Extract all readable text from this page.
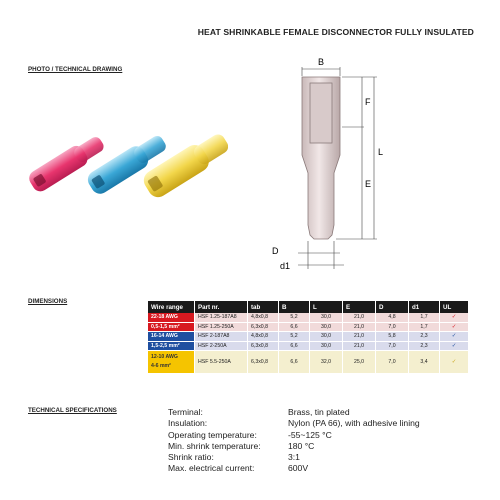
HEAT SHRINKABLE FEMALE DISCONNECTOR FULLY INSULATED
PHOTO / TECHNICAL DRAWING
DIMENSIONS
TECHNICAL SPECIFICATIONS
B
F
L
E
D
d1
Wire range	Part nr.	tab	B	L	E	D	d1	UL
22-18 AWG	HSF 1.25-187A8	4,8x0,8	5,2	30,0	21,0	4,8	1,7	✓
0,5-1,5 mm²	HSF 1.25-250A	6,3x0,8	6,6	30,0	21,0	7,0	1,7	✓
16-14 AWG	HSF 2-187A8	4,8x0,8	5,2	30,0	21,0	5,8	2,3	✓
1,5-2,5 mm²	HSF 2-250A	6,3x0,8	6,6	30,0	21,0	7,0	2,3	✓

12-10 AWG
4-6 mm²	HSF 5.5-250A	6,3x0,8	6,6	32,0	25,0	7,0	3,4	✓
Terminal:	Brass, tin plated
Insulation:	Nylon (PA 66), with adhesive lining
Operating temperature:	-55~125 °C
Min. shrink temperature:	180 °C
Shrink ratio:	3:1
Max. electrical current:	600V
